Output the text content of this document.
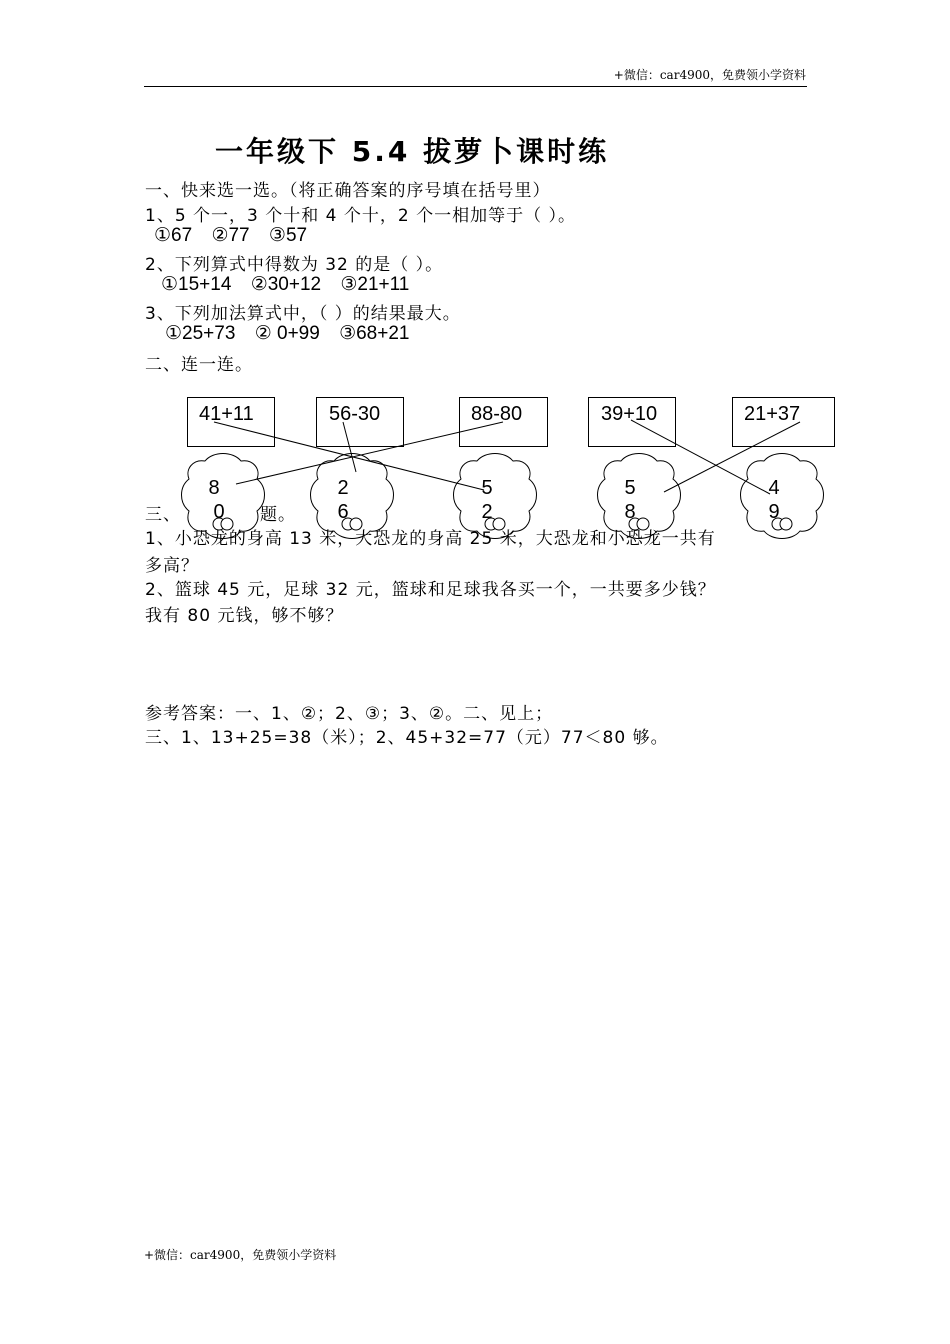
+微信：car4900，免费领小学资料
一年级下 5.4 拔萝卜课时练
一、快来选一选。（将正确答案的序号填在括号里）
1、5 个一，3 个十和 4 个十，2 个一相加等于（ ）。
①67 ②77 ③57
2、下列算式中得数为 32 的是（ ）。
①15+14 ②30+12 ③21+11
3、下列加法算式中，（ ）的结果最大。
①25+73 ② 0+99 ③68+21
二、连一连。
41+11	56-30	88-80	39+10	21+37
8
0
2
6
5
2
5
8
4
9
三、	题。
1、小恐龙的身高 13 米，大恐龙的身高 25 米，大恐龙和小恐龙一共有
多高？
2、篮球 45 元，足球 32 元，篮球和足球我各买一个，一共要多少钱？
我有 80 元钱，够不够？
参考答案：一、1、②；2、③；3、②。二、见上；
三、1、13+25=38（米）；2、45+32=77（元）77＜80 够。
+微信：car4900，免费领小学资料
